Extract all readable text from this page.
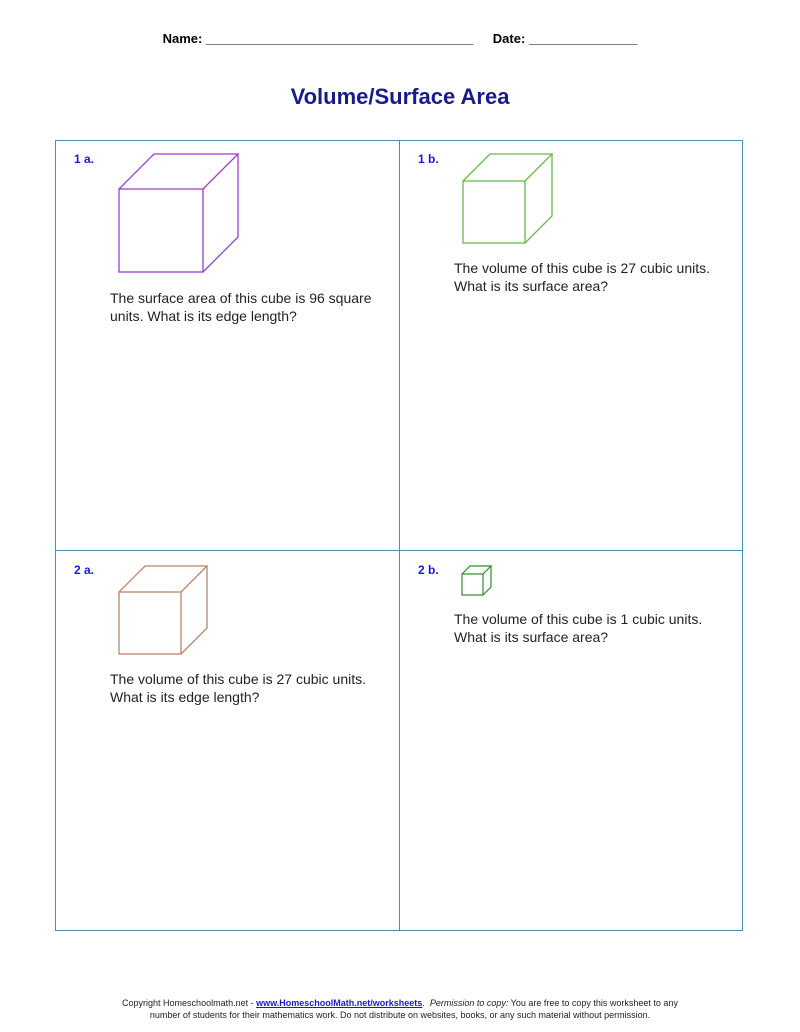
Name: _____________________________________ Date: _______________
Volume/Surface Area
1 a.
The surface area of this cube is 96 square
units. What is its edge length?
1 b.
The volume of this cube is 27 cubic units.
What is its surface area?
2 a.
The volume of this cube is 27 cubic units.
What is its edge length?
2 b.
The volume of this cube is 1 cubic units.
What is its surface area?
Copyright Homeschoolmath.net - www.HomeschoolMath.net/worksheets.  Permission to copy: You are free to copy this worksheet to any
number of students for their mathematics work. Do not distribute on websites, books, or any such material without permission.
